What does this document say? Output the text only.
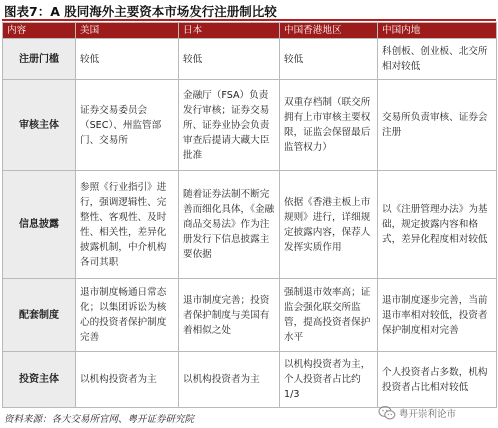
图表7：A 股同海外主要资本市场发行注册制比较
内容	美国	日本	中国香港地区	中国内地
注册门槛	较低	较低	较低	科创板、创业板、北交所相对较低
审核主体	证券交易委员会（SEC）、州监管部门、交易所	金融厅（FSA）负责发行审核；证券交易所、证券业协会负责审查后提请大藏大臣批准	双重存档制（联交所拥有上市审核主要权限，证监会保留最后监管权力）	交易所负责审核、证券会注册
信息披露	参照《行业指引》进行，强调逻辑性、完整性、客观性、及时性、相关性，差异化披露机制，中介机构各司其职	随着证券法制不断完善而细化具体，《金融商品交易法》作为注册发行下信息披露主要依据	依据《香港主板上市规则》进行，详细规定披露内容，保荐人发挥实质作用	以《注册管理办法》为基础，规定披露内容和格式，差异化程度相对较低
配套制度	退市制度畅通日常态化；以集团诉讼为核心的投资者保护制度完善	退市制度完善；投资者保护制度与美国有着相似之处	强制退市效率高；证监会强化联交所监管，提高投资者保护水平	退市制度逐步完善，当前退市率相对较低，投资者保护制度相对完善
投资主体	以机构投资者为主	以机构投资者为主	以机构投资者为主，个人投资者占比约 1/3	个人投资者占多数，机构投资者占比相对较低
资料来源：各大交易所官网、粤开证券研究院	粤开崇利论市
